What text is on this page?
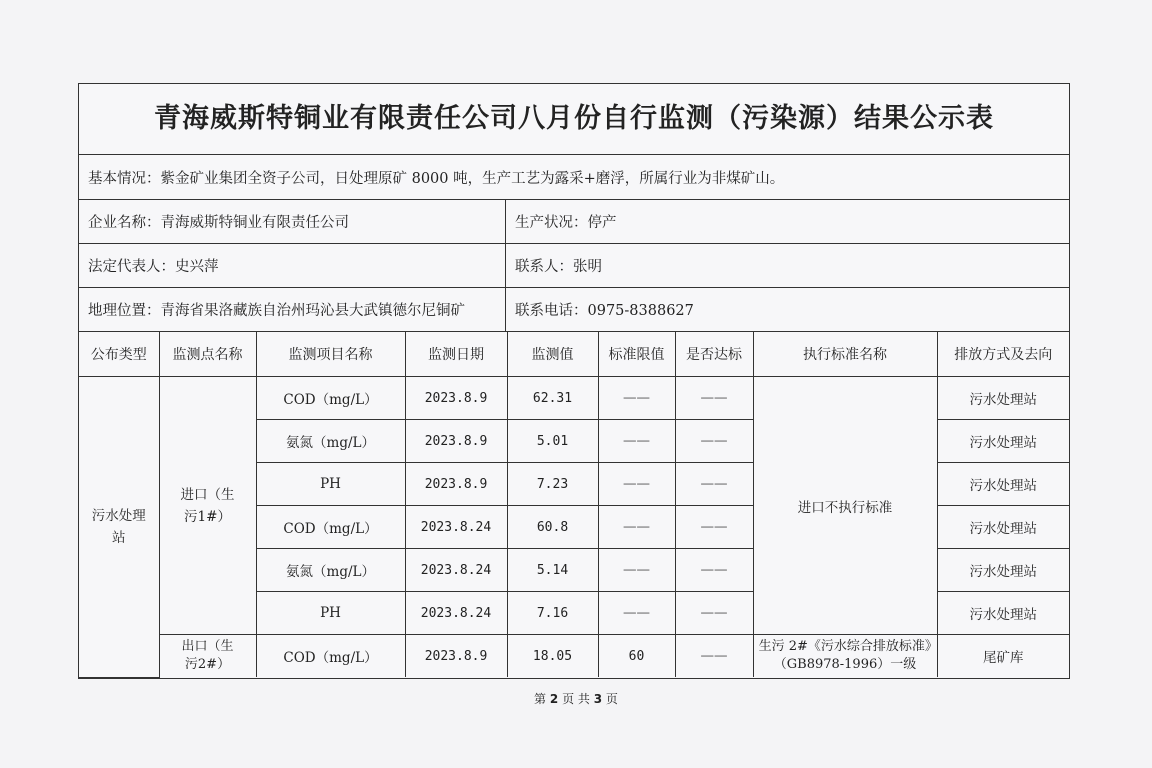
青海威斯特铜业有限责任公司八月份自行监测（污染源）结果公示表
基本情况：紫金矿业集团全资子公司，日处理原矿 8000 吨，生产工艺为露采+磨浮，所属行业为非煤矿山。
企业名称：青海威斯特铜业有限责任公司	生产状况：停产
法定代表人：史兴萍	联系人：张明
地理位置：青海省果洛藏族自治州玛沁县大武镇德尔尼铜矿	联系电话：0975-8388627
公布类型	监测点名称	监测项目名称	监测日期	监测值	标准限值	是否达标	执行标准名称	排放方式及去向
污水处理站	进口（生污1#）	COD（mg/L）	2023.8.9	62.31	——	——	进口不执行标准	污水处理站
		氨氮（mg/L）	2023.8.9	5.01	——	——		污水处理站
		PH	2023.8.9	7.23	——	——		污水处理站
		COD（mg/L）	2023.8.24	60.8	——	——		污水处理站
		氨氮（mg/L）	2023.8.24	5.14	——	——		污水处理站
		PH	2023.8.24	7.16	——	——		污水处理站
	出口（生污2#）	COD（mg/L）	2023.8.9	18.05	60	——	生污 2#《污水综合排放标准》（GB8978-1996）一级	尾矿库
第 2 页 共 3 页
